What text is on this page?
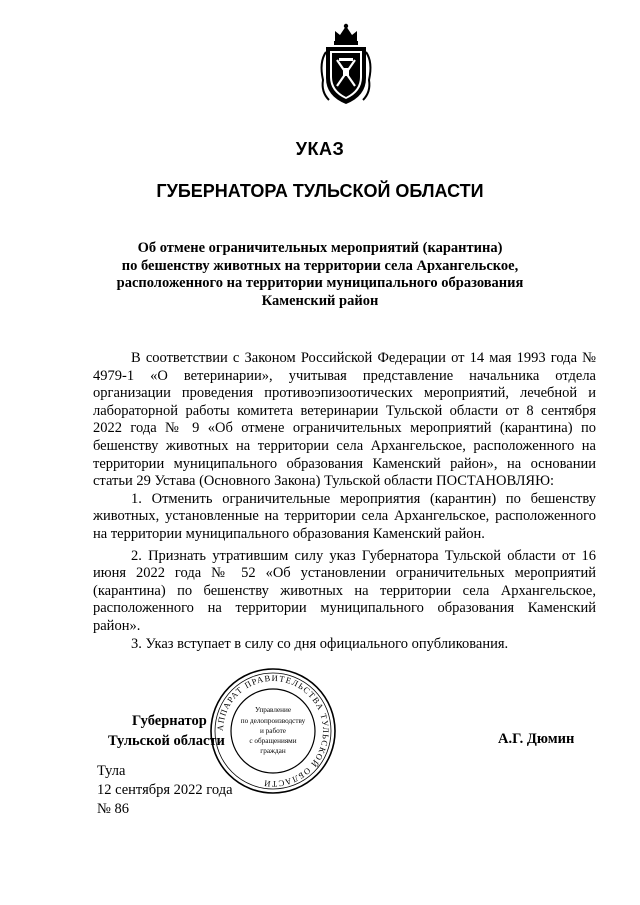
УКАЗ
ГУБЕРНАТОРА ТУЛЬСКОЙ ОБЛАСТИ
Об отмене ограничительных мероприятий (карантина)
по бешенству животных на территории села Архангельское,
расположенного на территории муниципального образования
Каменский район

В соответствии с Законом Российской Федерации от 14 мая 1993 года № 4979-1 «О ветеринарии», учитывая представление начальника отдела организации проведения противоэпизоотических мероприятий, лечебной и лабораторной работы комитета ветеринарии Тульской области от 8 сентября 2022 года № 9 «Об отмене ограничительных мероприятий (карантина) по бешенству животных на территории села Архангельское, расположенного на территории муниципального образования Каменский район», на основании статьи 29 Устава (Основного Закона) Тульской области ПОСТАНОВЛЯЮ:

1. Отменить ограничительные мероприятия (карантин) по бешенству животных, установленные на территории села Архангельское, расположенного на территории муниципального образования Каменский район.

2. Признать утратившим силу указ Губернатора Тульской области от 16 июня 2022 года № 52 «Об установлении ограничительных мероприятий (карантина) по бешенству животных на территории села Архангельское, расположенного на территории муниципального образования Каменский район».

3. Указ вступает в силу со дня официального опубликования.

Губернатор
Тульской области	А.Г. Дюмин
АППАРАТ ПРАВИТЕЛЬСТВА ТУЛЬСКОЙ ОБЛАСТИ
Управление
по делопроизводству
и работе
с обращениями
граждан
Тула
12 сентября 2022 года
№ 86
